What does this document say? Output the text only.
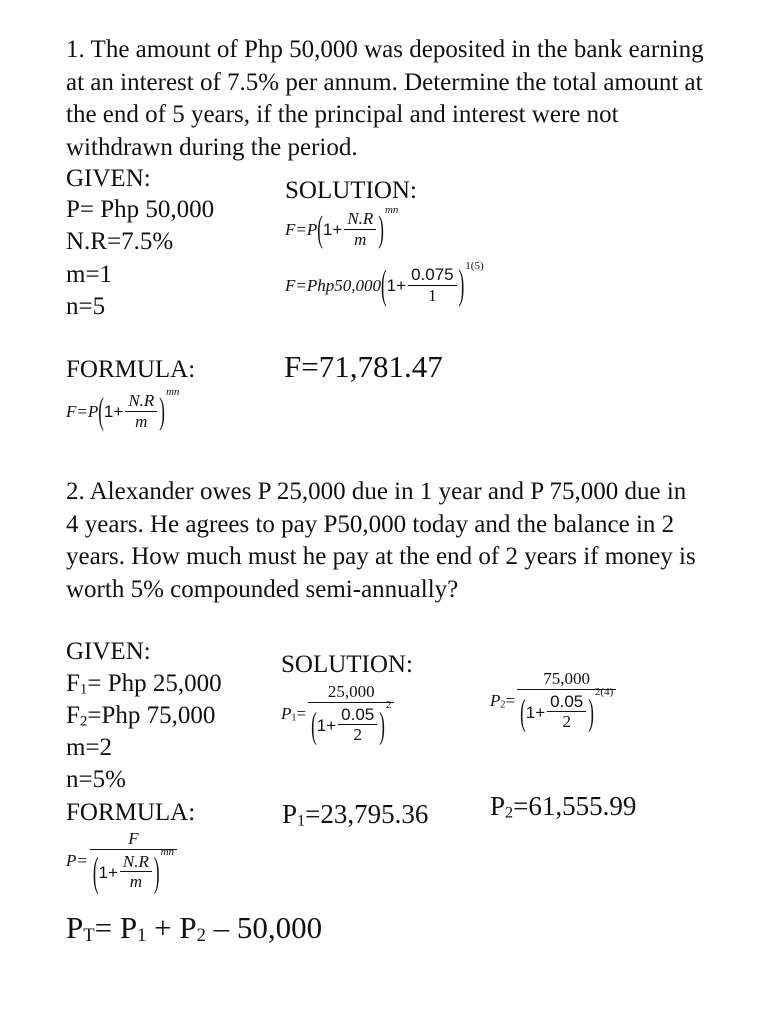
1. The amount of Php 50,000 was deposited in the bank earning at an interest of 7.5% per annum. Determine the total amount at the end of 5 years, if the principal and interest were not withdrawn during the period.
GIVEN:
P= Php 50,000
N.R=7.5%
m=1
n=5
SOLUTION:
F=P ( $1+ \frac{N.R}{m}$ ) mn
F=Php50,000 ( $1+ \frac{0.075}{1}$ ) 1(5)
FORMULA:	F=71,781.47
F=P ( $1+ \frac{N.R}{m}$ ) mn
2. Alexander owes P 25,000 due in 1 year and P 75,000 due in 4 years. He agrees to pay P50,000 today and the balance in 2 years. How much must he pay at the end of 2 years if money is worth 5% compounded semi-annually?
GIVEN:
$F_1=$ Php 25,000
$F_2=Php$ 75,000
m=2
n=5%
SOLUTION:
$P_1$ =
25,000
( $1+ \frac{0.05}{2}$ ) 2	$P_2$ =
75,000
( $1+ \frac{0.05}{2}$ ) 2(4)
FORMULA:	$P_1=23,795.36$ $P_2=61,555.99$
P=
F
( $1+ \frac{N.R}{m}$ ) mn
$P_T= P_1 + P_2 - 50,000$
